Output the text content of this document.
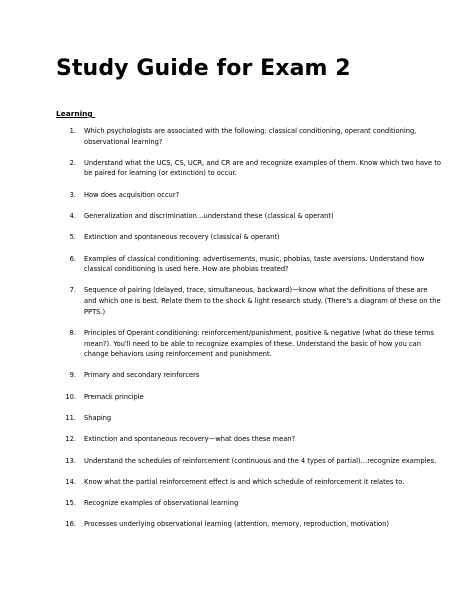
Study Guide for Exam 2
Learning
1.	Which psychologists are associated with the following: classical conditioning, operant conditioning, observational learning?
2.	Understand what the UCS, CS, UCR, and CR are and recognize examples of them. Know which two have to be paired for learning (or extinction) to occur.
3.	How does acquisition occur?
4.	Generalization and discrimination…understand these (classical & operant)
5.	Extinction and spontaneous recovery (classical & operant)
6.	Examples of classical conditioning: advertisements, music, phobias, taste aversions. Understand how classical conditioning is used here. How are phobias treated?
7.	Sequence of pairing (delayed, trace, simultaneous, backward)—know what the definitions of these are and which one is best. Relate them to the shock & light research study. (There's a diagram of these on the PPTS.)
8.	Principles of Operant conditioning: reinforcement/punishment, positive & negative (what do these terms mean?). You'll need to be able to recognize examples of these. Understand the basic of how you can change behaviors using reinforcement and punishment.
9.	Primary and secondary reinforcers
10.	Premack principle
11.	Shaping
12.	Extinction and spontaneous recovery—what does these mean?
13.	Understand the schedules of reinforcement (continuous and the 4 types of partial)…recognize examples.
14.	Know what the partial reinforcement effect is and which schedule of reinforcement it relates to.
15.	Recognize examples of observational learning
16.	Processes underlying observational learning (attention, memory, reproduction, motivation)
